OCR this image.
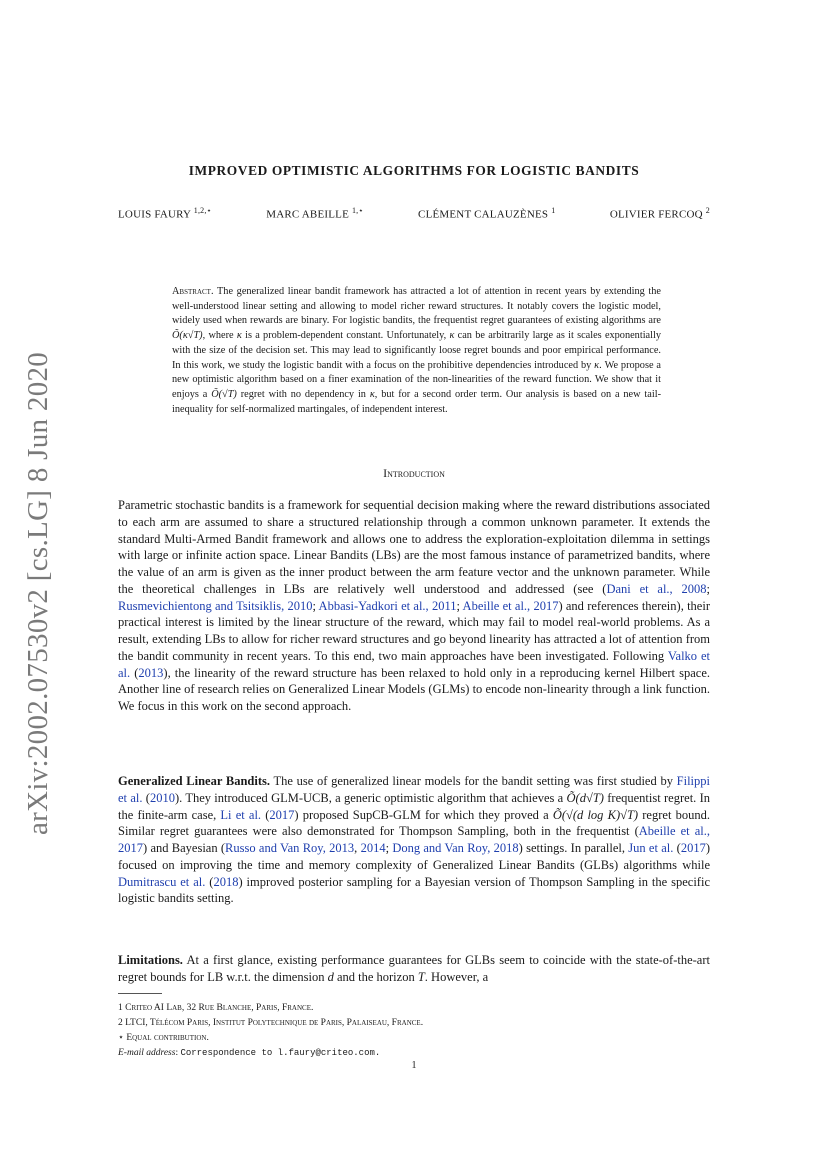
arXiv:2002.07530v2 [cs.LG] 8 Jun 2020
IMPROVED OPTIMISTIC ALGORITHMS FOR LOGISTIC BANDITS
LOUIS FAURY $^{1,2,⋆}$	MARC ABEILLE $^{1,⋆}$	CLÉMENT CALAUZÈNES $^1$	OLIVIER FERCOQ $^2$
Abstract. The generalized linear bandit framework has attracted a lot of attention in recent years by extending the well-understood linear setting and allowing to model richer reward structures. It notably covers the logistic model, widely used when rewards are binary. For logistic bandits, the frequentist regret guarantees of existing algorithms are Õ(κ√T), where κ is a problem-dependent constant. Unfortunately, κ can be arbitrarily large as it scales exponentially with the size of the decision set. This may lead to significantly loose regret bounds and poor empirical performance. In this work, we study the logistic bandit with a focus on the prohibitive dependencies introduced by κ. We propose a new optimistic algorithm based on a finer examination of the non-linearities of the reward function. We show that it enjoys a Õ(√T) regret with no dependency in κ, but for a second order term. Our analysis is based on a new tail-inequality for self-normalized martingales, of independent interest.
Introduction

Parametric stochastic bandits is a framework for sequential decision making where the reward distributions associated to each arm are assumed to share a structured relationship through a common unknown parameter. It extends the standard Multi-Armed Bandit framework and allows one to address the exploration-exploitation dilemma in settings with large or infinite action space. Linear Bandits (LBs) are the most famous instance of parametrized bandits, where the value of an arm is given as the inner product between the arm feature vector and the unknown parameter. While the theoretical challenges in LBs are relatively well understood and addressed (see (Dani et al., 2008; Rusmevichientong and Tsitsiklis, 2010; Abbasi-Yadkori et al., 2011; Abeille et al., 2017) and references therein), their practical interest is limited by the linear structure of the reward, which may fail to model real-world problems. As a result, extending LBs to allow for richer reward structures and go beyond linearity has attracted a lot of attention from the bandit community in recent years. To this end, two main approaches have been investigated. Following Valko et al. (2013), the linearity of the reward structure has been relaxed to hold only in a reproducing kernel Hilbert space. Another line of research relies on Generalized Linear Models (GLMs) to encode non-linearity through a link function. We focus in this work on the second approach.

Generalized Linear Bandits. The use of generalized linear models for the bandit setting was first studied by Filippi et al. (2010). They introduced GLM-UCB, a generic optimistic algorithm that achieves a Õ(d√T) frequentist regret. In the finite-arm case, Li et al. (2017) proposed SupCB-GLM for which they proved a Õ(√(d log K)√T) regret bound. Similar regret guarantees were also demonstrated for Thompson Sampling, both in the frequentist (Abeille et al., 2017) and Bayesian (Russo and Van Roy, 2013, 2014; Dong and Van Roy, 2018) settings. In parallel, Jun et al. (2017) focused on improving the time and memory complexity of Generalized Linear Bandits (GLBs) algorithms while Dumitrascu et al. (2018) improved posterior sampling for a Bayesian version of Thompson Sampling in the specific logistic bandits setting.

Limitations. At a first glance, existing performance guarantees for GLBs seem to coincide with the state-of-the-art regret bounds for LB w.r.t. the dimension d and the horizon T. However, a

1 Criteo AI Lab, 32 Rue Blanche, Paris, France.
2 LTCI, Télécom Paris, Institut Polytechnique de Paris, Palaiseau, France.
⋆ Equal contribution.
E-mail address: Correspondence to l.faury@criteo.com.
1
